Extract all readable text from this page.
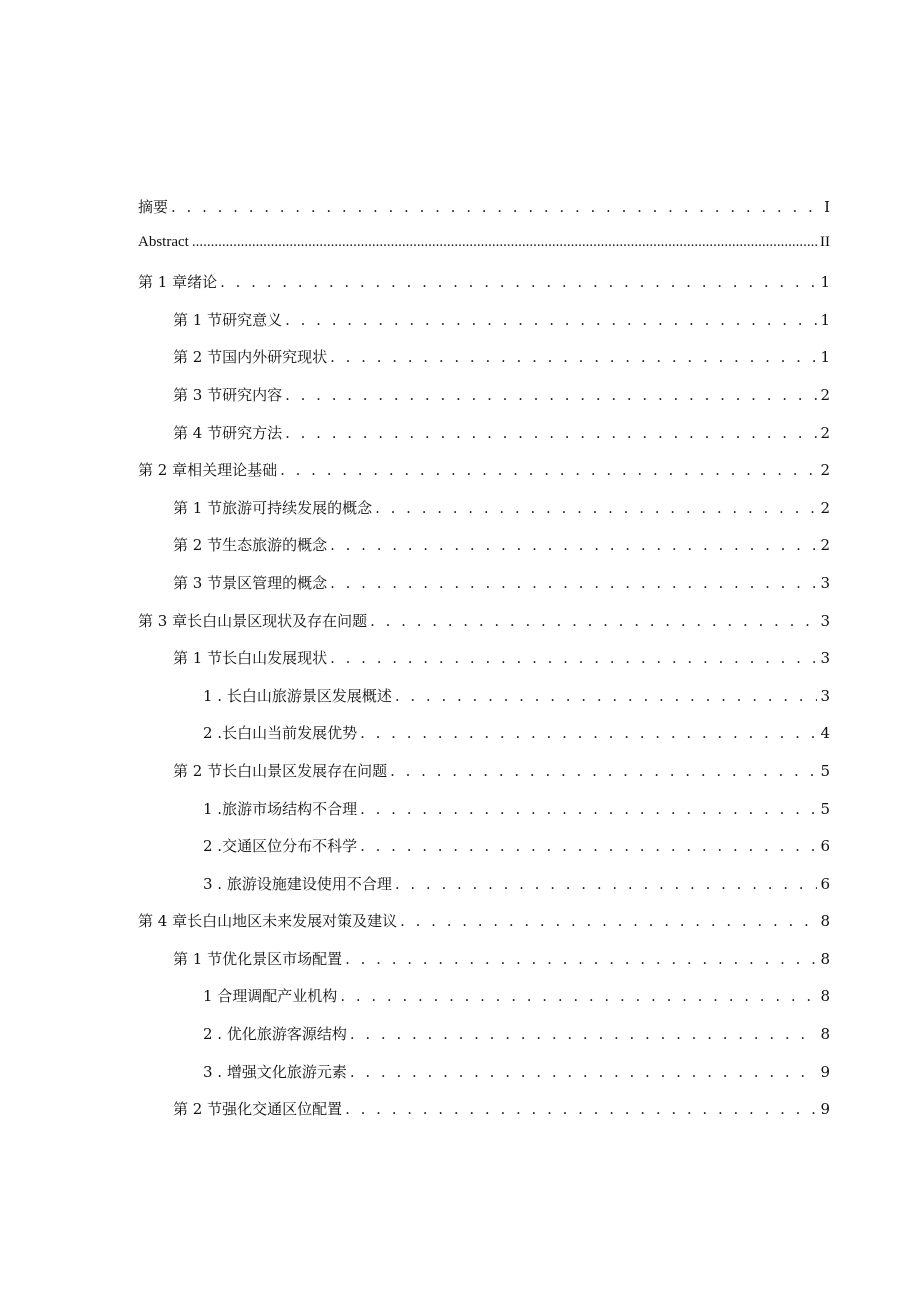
摘要 . . .	I
Abstract .....	II
第 1 章绪论 . . .	1
第 1 节研究意义 . . .	1
第 2 节国内外研究现状 . . .	1
第 3 节研究内容 . . .	2
第 4 节研究方法 . . .	2
第 2 章相关理论基础 . . .	2
第 1 节旅游可持续发展的概念 . . .	2
第 2 节生态旅游的概念 . . .	2
第 3 节景区管理的概念 . . .	3
第 3 章长白山景区现状及存在问题 . . .	3
第 1 节长白山发展现状 . . .	3
1 . 长白山旅游景区发展概述 . . .	3
2 .长白山当前发展优势 . . .	4
第 2 节长白山景区发展存在问题 . . .	5
1 .旅游市场结构不合理 . . .	5
2 .交通区位分布不科学 . . .	6
3 . 旅游设施建设使用不合理 . . .	6
第 4 章长白山地区未来发展对策及建议 . . .	8
第 1 节优化景区市场配置 . . .	8
1 合理调配产业机构 . . .	8
2 . 优化旅游客源结构 . . .	8
3 . 增强文化旅游元素 . . .	9
第 2 节强化交通区位配置 . . .	9
